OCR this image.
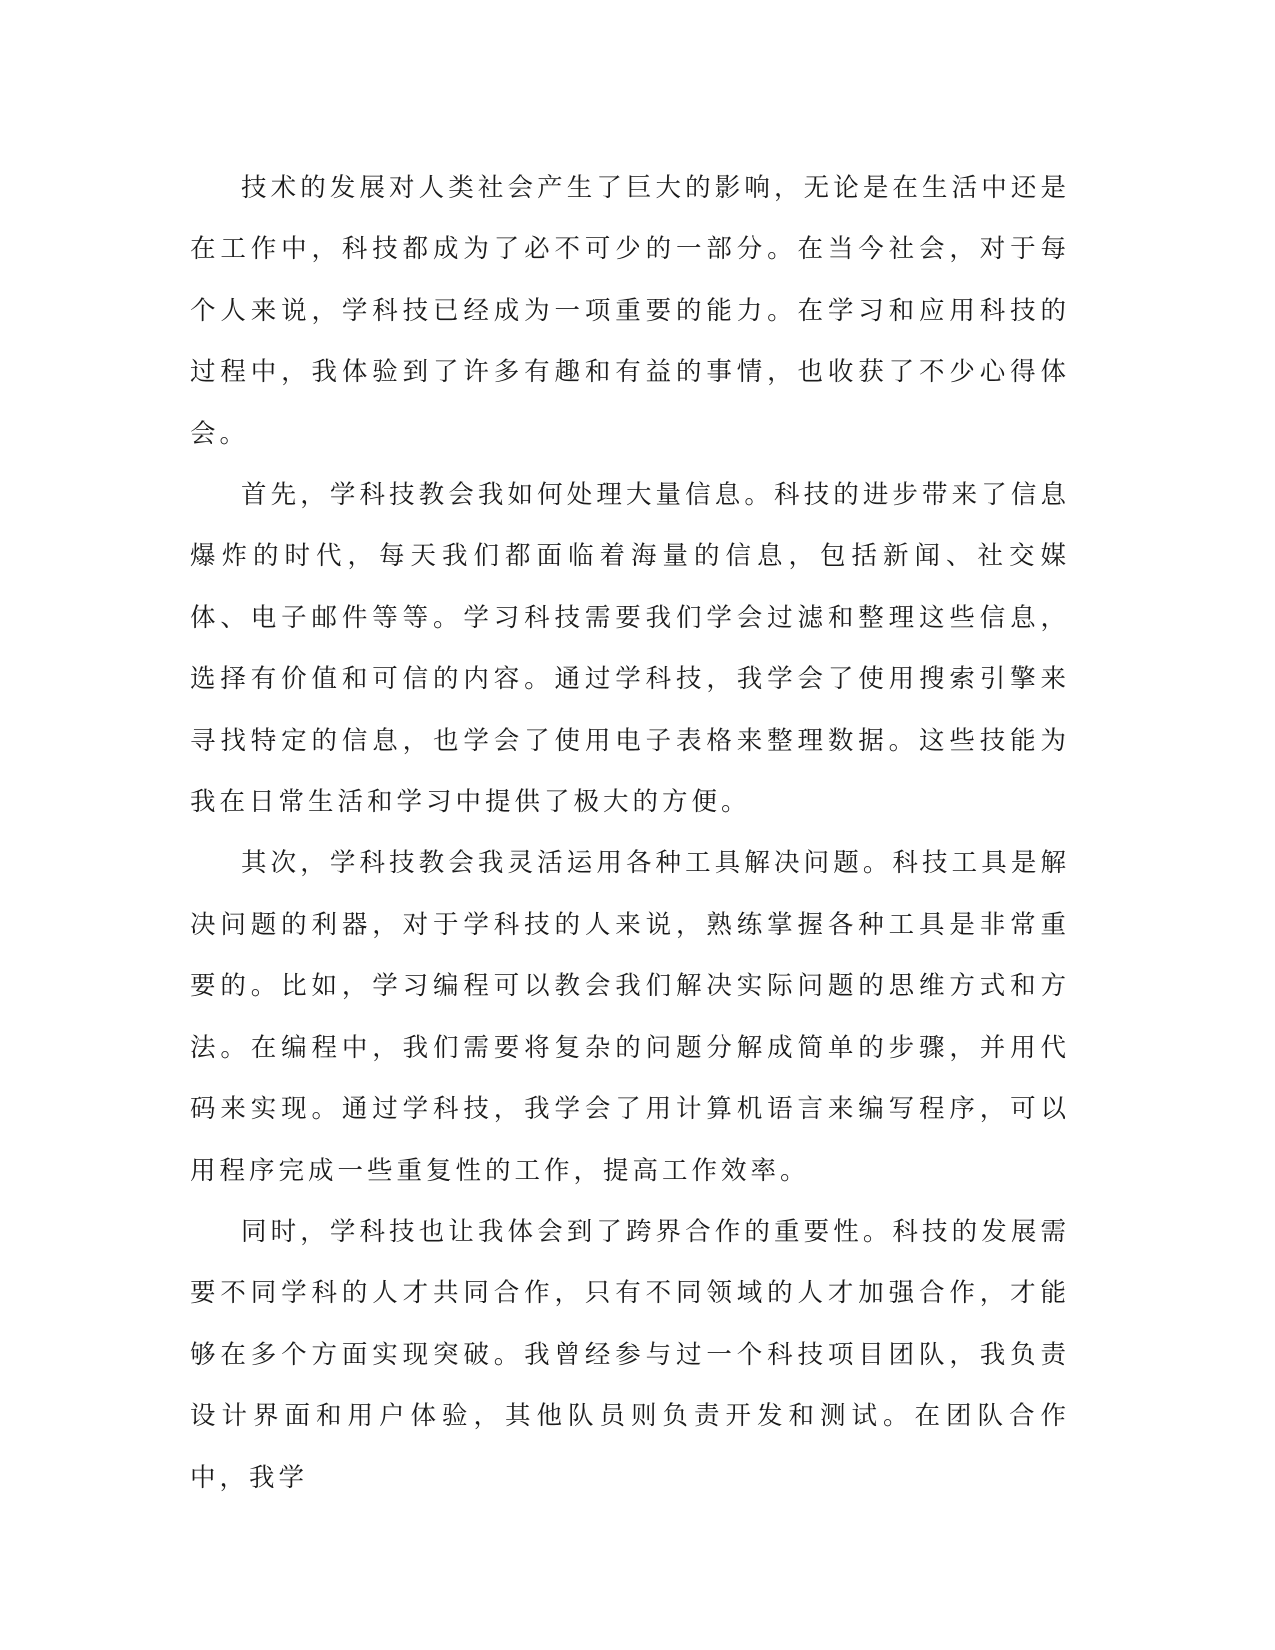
技术的发展对人类社会产生了巨大的影响，无论是在生活中还是在工作中，科技都成为了必不可少的一部分。在当今社会，对于每个人来说，学科技已经成为一项重要的能力。在学习和应用科技的过程中，我体验到了许多有趣和有益的事情，也收获了不少心得体会。

首先，学科技教会我如何处理大量信息。科技的进步带来了信息爆炸的时代，每天我们都面临着海量的信息，包括新闻、社交媒体、电子邮件等等。学习科技需要我们学会过滤和整理这些信息，选择有价值和可信的内容。通过学科技，我学会了使用搜索引擎来寻找特定的信息，也学会了使用电子表格来整理数据。这些技能为我在日常生活和学习中提供了极大的方便。

其次，学科技教会我灵活运用各种工具解决问题。科技工具是解决问题的利器，对于学科技的人来说，熟练掌握各种工具是非常重要的。比如，学习编程可以教会我们解决实际问题的思维方式和方法。在编程中，我们需要将复杂的问题分解成简单的步骤，并用代码来实现。通过学科技，我学会了用计算机语言来编写程序，可以用程序完成一些重复性的工作，提高工作效率。

同时，学科技也让我体会到了跨界合作的重要性。科技的发展需要不同学科的人才共同合作，只有不同领域的人才加强合作，才能够在多个方面实现突破。我曾经参与过一个科技项目团队，我负责设计界面和用户体验，其他队员则负责开发和测试。在团队合作中，我学
